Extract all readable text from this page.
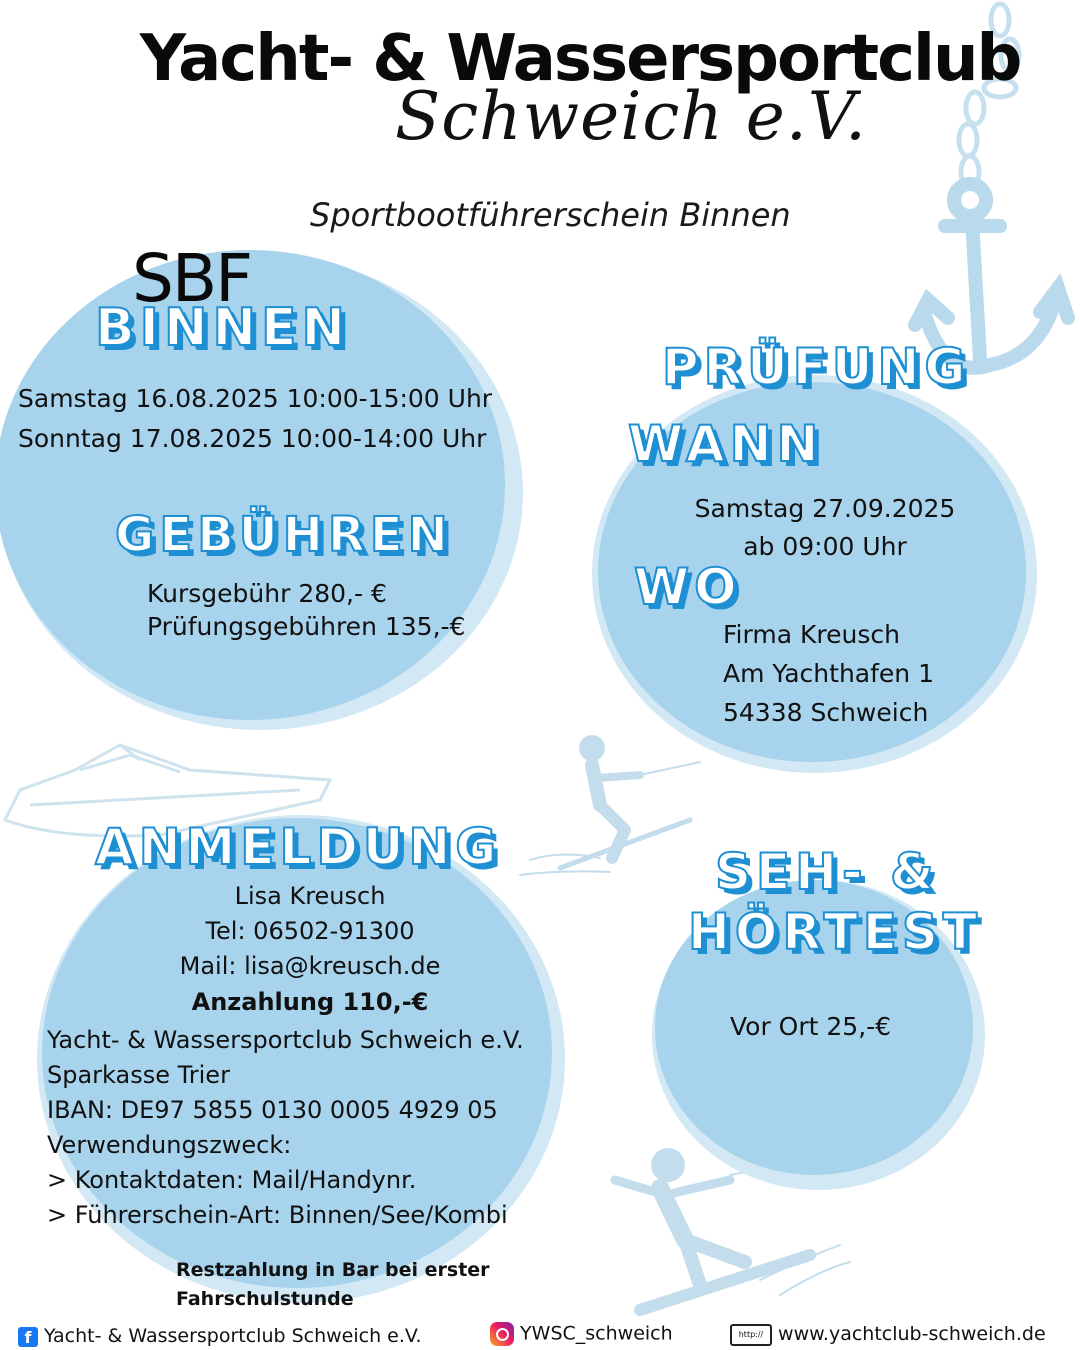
Yacht- & Wassersportclub
Schweich e.V.
Sportbootführerschein Binnen
SBF
BINNEN
Samstag 16.08.2025 10:00-15:00 Uhr
Sonntag 17.08.2025 10:00-14:00 Uhr
GEBÜHREN
Kursgebühr 280,- €
Prüfungsgebühren 135,-€
PRÜFUNG
WANN
Samstag 27.09.2025
ab 09:00 Uhr
WO
Firma Kreusch
Am Yachthafen 1
54338 Schweich
ANMELDUNG
Lisa Kreusch
Tel: 06502-91300
Mail: lisa@kreusch.de
Anzahlung 110,-€
Yacht- & Wassersportclub Schweich e.V.
Sparkasse Trier
IBAN: DE97 5855 0130 0005 4929 05
Verwendungszweck:
> Kontaktdaten: Mail/Handynr.
> Führerschein-Art: Binnen/See/Kombi
Restzahlung in Bar bei erster
Fahrschulstunde
SEH- &
HÖRTEST
Vor Ort 25,-€
f Yacht- & Wassersportclub Schweich e.V.	YWSC_schweich	http:// www.yachtclub-schweich.de
